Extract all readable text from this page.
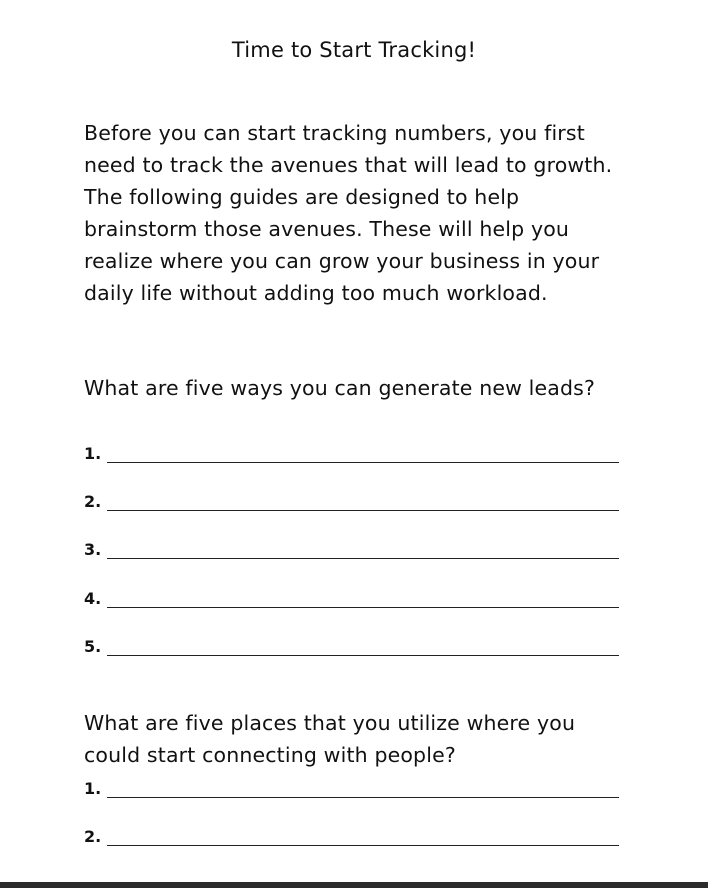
Time to Start Tracking!
Before you can start tracking numbers, you first need to track the avenues that will lead to growth. The following guides are designed to help brainstorm those avenues. These will help you realize where you can grow your business in your daily life without adding too much workload.
What are five ways you can generate new leads?
1.
2.
3.
4.
5.
What are five places that you utilize where you could start connecting with people?
1.
2.
